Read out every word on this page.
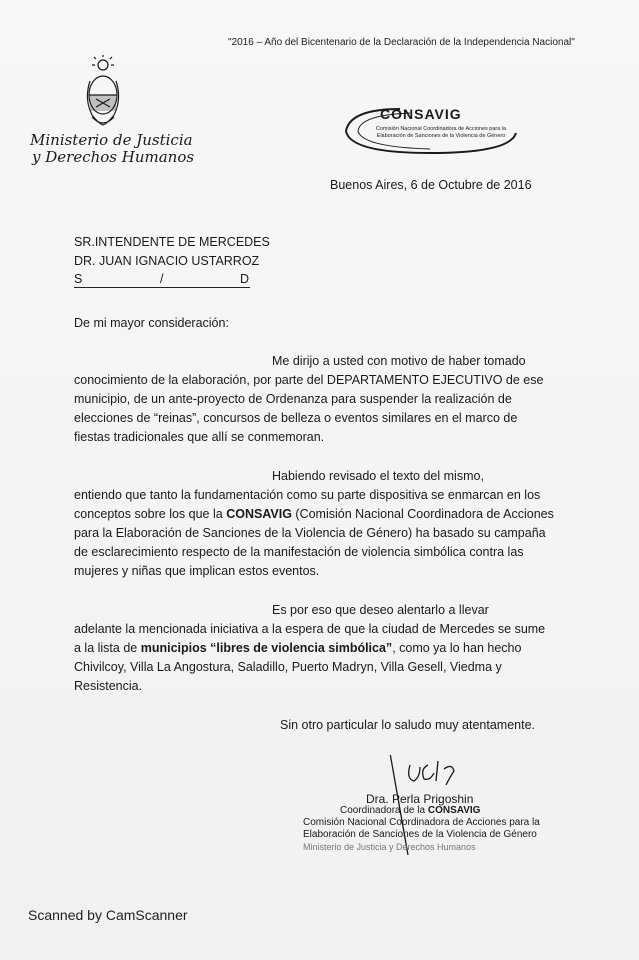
"2016 – Año del Bicentenario de la Declaración de la Independencia Nacional"
Ministerio de Justicia
y Derechos Humanos
CONSAVIG
Comisión Nacional Coordinadora de Acciones para la Elaboración de Sanciones de la Violencia de Género
Buenos Aires, 6 de Octubre de 2016
SR.INTENDENTE DE MERCEDES
DR. JUAN IGNACIO USTARROZ
S	/	D
De mi mayor consideración:
Me dirijo a usted con motivo de haber tomado
conocimiento de la elaboración, por parte del DEPARTAMENTO EJECUTIVO de ese municipio, de un ante-proyecto de Ordenanza para suspender la realización de elecciones de “reinas”, concursos de belleza o eventos similares en el marco de fiestas tradicionales que allí se conmemoran.
Habiendo revisado el texto del mismo,
entiendo que tanto la fundamentación como su parte dispositiva se enmarcan en los conceptos sobre los que la CONSAVIG (Comisión Nacional Coordinadora de Acciones para la Elaboración de Sanciones de la Violencia de Género) ha basado su campaña de esclarecimiento respecto de la manifestación de violencia simbólica contra las mujeres y niñas que implican estos eventos.
Es por eso que deseo alentarlo a llevar
adelante la mencionada iniciativa a la espera de que la ciudad de Mercedes se sume a la lista de municipios “libres de violencia simbólica”, como ya lo han hecho Chivilcoy, Villa La Angostura, Saladillo, Puerto Madryn, Villa Gesell, Viedma y Resistencia.
Sin otro particular lo saludo muy atentamente.
Dra. Perla Prigoshin
Coordinadora de la CONSAVIG
Comisión Nacional Coordinadora de Acciones para la
Elaboración de Sanciones de la Violencia de Género
Ministerio de Justicia y Derechos Humanos
Scanned by CamScanner
